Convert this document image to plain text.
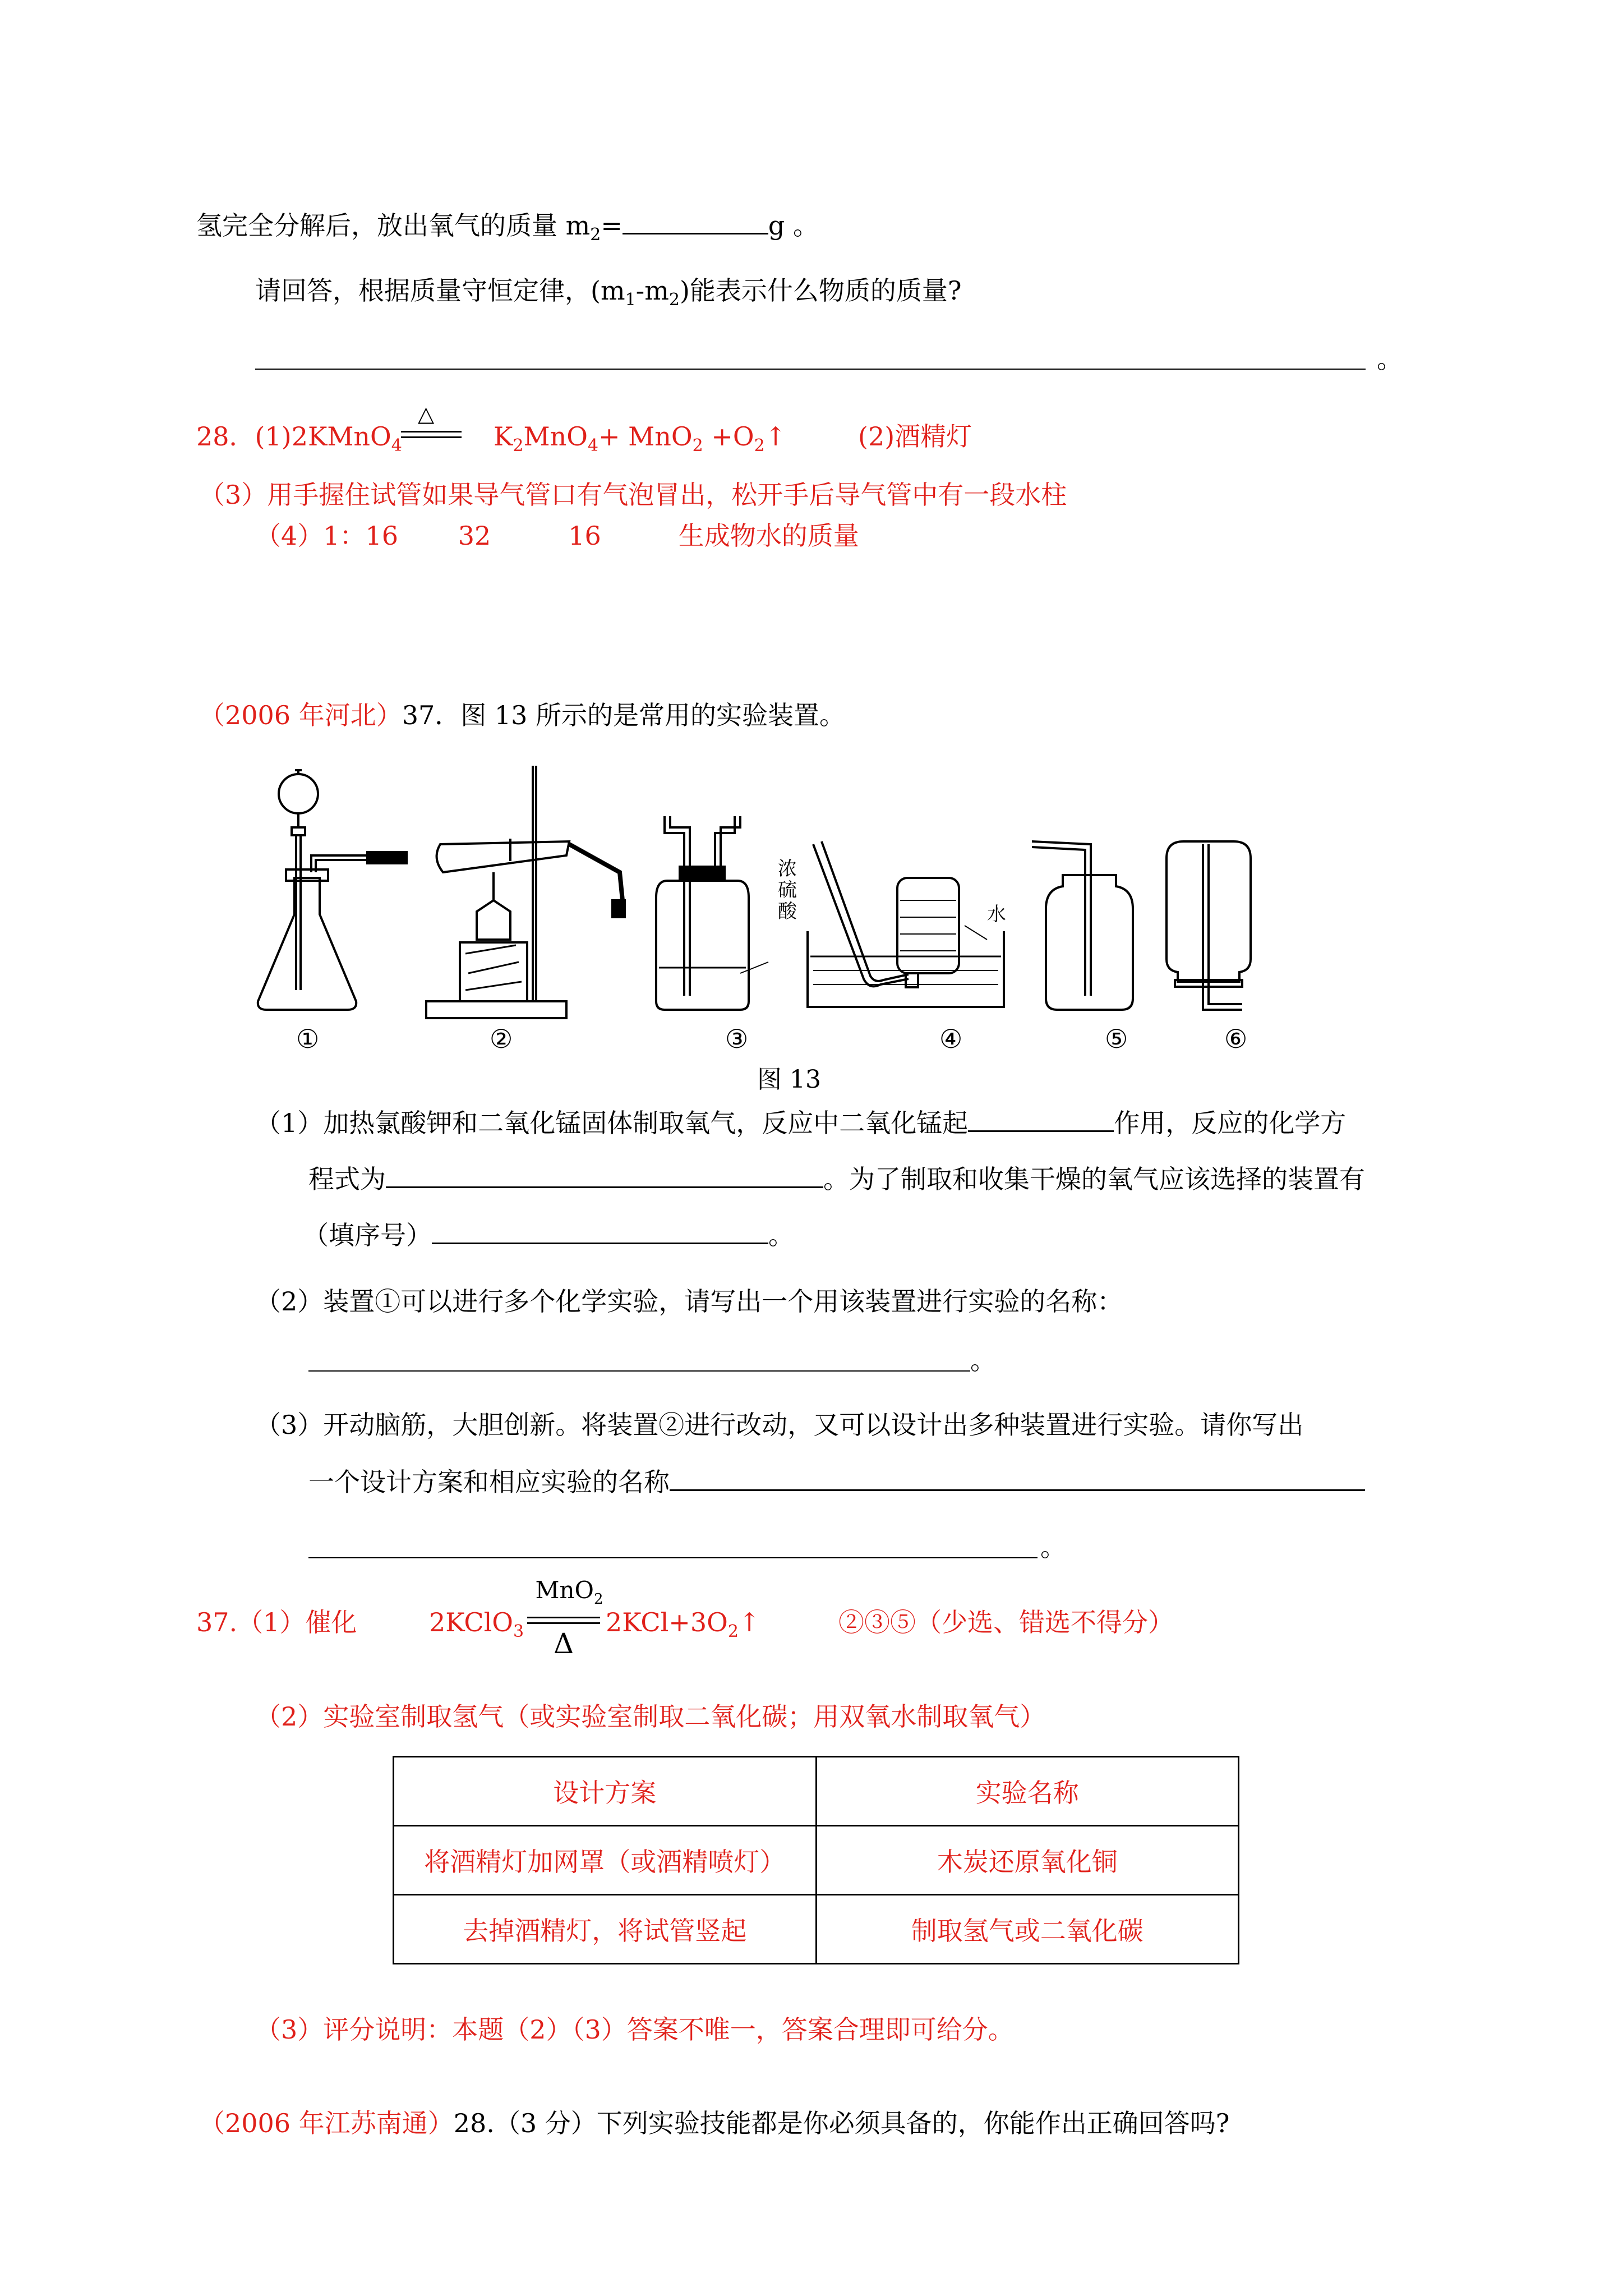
氢完全分解后，放出氧气的质量 $m_2=$	g 。
请回答，根据质量守恒定律，$(m_1-m_2)$能表示什么物质的质量?
。
28．(1)2KMnO$_4$
△
$K_2MnO_4+ MnO_2$ $+O_2↑$	(2)酒精灯
（3）用手握住试管如果导气管口有气泡冒出，松开手后导气管中有一段水柱
（4）1：16　　 32　　　16　　　生成物水的质量
（2006 年河北）37．图 13 所示的是常用的实验装置。
浓 硫 酸
浓
硫
酸	水
①	②	③	④	⑤	⑥
图 13
（1）加热氯酸钾和二氧化锰固体制取氧气，反应中二氧化锰起	作用，反应的化学方
程式为	。为了制取和收集干燥的氧气应该选择的装置有
（填序号）	。
（2）装置①可以进行多个化学实验，请写出一个用该装置进行实验的名称：
。
（3）开动脑筋，大胆创新。将装置②进行改动，又可以设计出多种装置进行实验。请你写出
一个设计方案和相应实验的名称
。
37.（1）催化	2KClO$_3$
MnO$_2$
Δ
$2KCl+3O_2↑$	②③⑤（少选、错选不得分）
（2）实验室制取氢气（或实验室制取二氧化碳；用双氧水制取氧气）
设计方案	实验名称
将酒精灯加网罩（或酒精喷灯）	木炭还原氧化铜
去掉酒精灯，将试管竖起	制取氢气或二氧化碳
（3）评分说明：本题（2）（3）答案不唯一，答案合理即可给分。
（2006 年江苏南通）28.（3 分）下列实验技能都是你必须具备的，你能作出正确回答吗?
